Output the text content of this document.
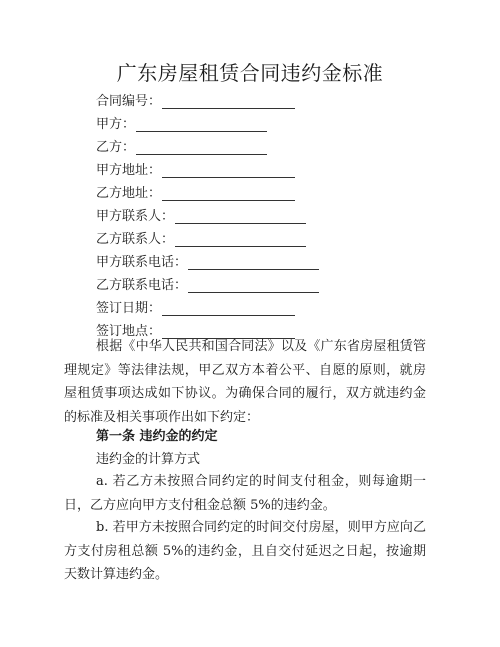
广东房屋租赁合同违约金标准
合同编号：
甲方：
乙方：
甲方地址：
乙方地址：
甲方联系人：
乙方联系人：
甲方联系电话：
乙方联系电话：
签订日期：
签订地点：

根据《中华人民共和国合同法》以及《广东省房屋租赁管理规定》等法律法规，甲乙双方本着公平、自愿的原则，就房屋租赁事项达成如下协议。为确保合同的履行，双方就违约金的标准及相关事项作出如下约定：

第一条 违约金的约定

违约金的计算方式

a. 若乙方未按照合同约定的时间支付租金，则每逾期一日，乙方应向甲方支付租金总额 5%的违约金。

b. 若甲方未按照合同约定的时间交付房屋，则甲方应向乙方支付房租总额 5%的违约金，且自交付延迟之日起，按逾期天数计算违约金。
